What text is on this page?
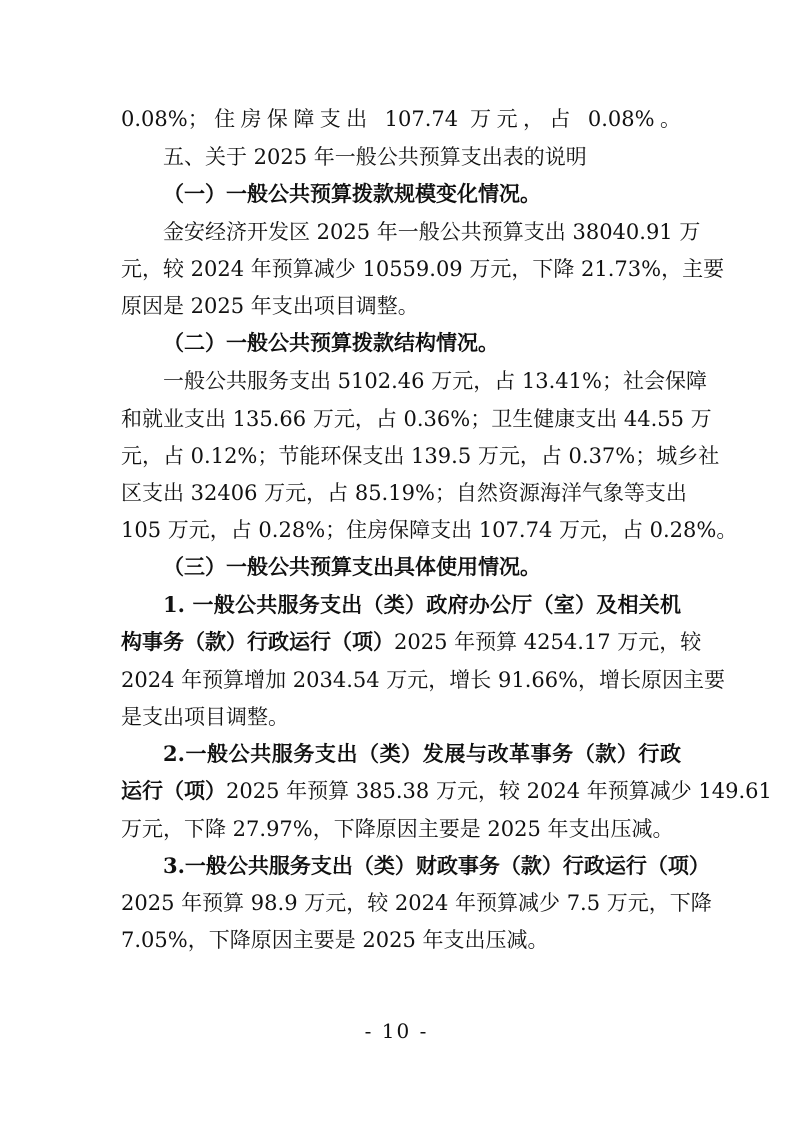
0.08%；住房保障支出 107.74 万元，占 0.08%。
五、关于 2025 年一般公共预算支出表的说明
（一）一般公共预算拨款规模变化情况。
金安经济开发区 2025 年一般公共预算支出 38040.91 万
元，较 2024 年预算减少 10559.09 万元，下降 21.73%，主要
原因是 2025 年支出项目调整。
（二）一般公共预算拨款结构情况。
一般公共服务支出 5102.46 万元，占 13.41%；社会保障
和就业支出 135.66 万元，占 0.36%；卫生健康支出 44.55 万
元，占 0.12%；节能环保支出 139.5 万元，占 0.37%；城乡社
区支出 32406 万元，占 85.19%；自然资源海洋气象等支出
105 万元，占 0.28%；住房保障支出 107.74 万元，占 0.28%。
（三）一般公共预算支出具体使用情况。
1. 一般公共服务支出（类）政府办公厅（室）及相关机
构事务（款）行政运行（项）2025 年预算 4254.17 万元，较
2024 年预算增加 2034.54 万元，增长 91.66%，增长原因主要
是支出项目调整。
2.一般公共服务支出（类）发展与改革事务（款）行政
运行（项）2025 年预算 385.38 万元，较 2024 年预算减少 149.61
万元，下降 27.97%，下降原因主要是 2025 年支出压减。
3.一般公共服务支出（类）财政事务（款）行政运行（项）
2025 年预算 98.9 万元，较 2024 年预算减少 7.5 万元，下降
7.05%，下降原因主要是 2025 年支出压减。
- 10 -
